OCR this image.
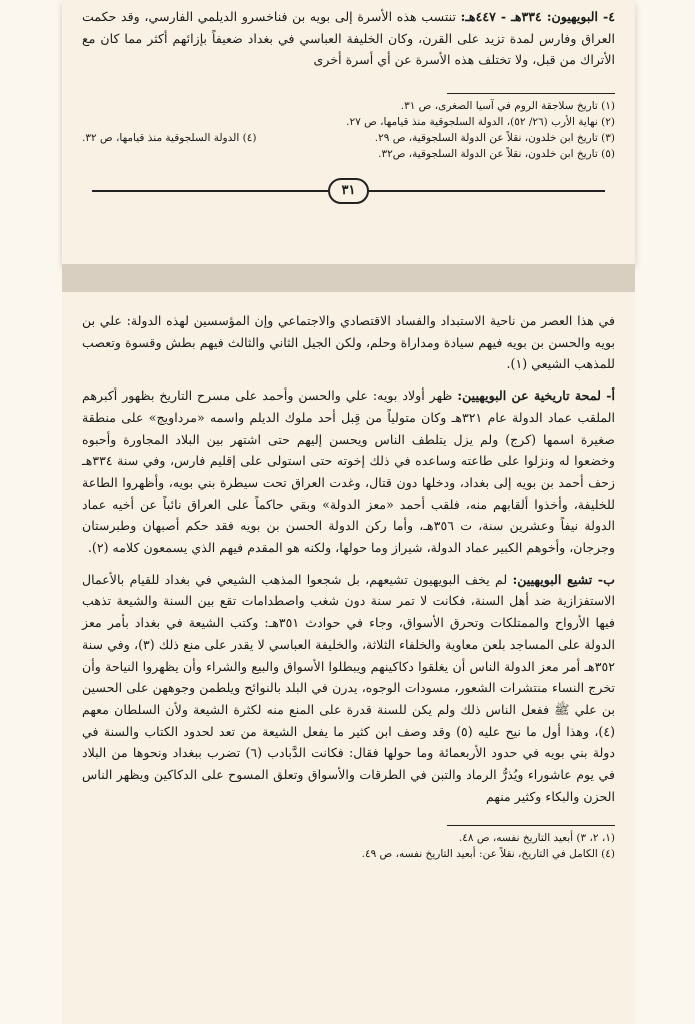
٤- البويهيون: ٣٣٤هـ - ٤٤٧هـ: تنتسب هذه الأسرة إلى بويه بن فناخسرو الديلمي الفارسي، وقد حكمت العراق وفارس لمدة تزيد على القرن، وكان الخليفة العباسي في بغداد ضعيفاً بإزائهم أكثر مما كان مع الأتراك من قبل، ولا تختلف هذه الأسرة عن أي أسرة أخرى

(١) تاريخ سلاجقة الروم في آسيا الصغرى، ص ٣١.

(٢) نهاية الأرب (٢٦/ ٥٢)، الدولة السلجوقية منذ قيامها، ص ٢٧.

(٣) تاريخ ابن خلدون، نقلاً عن الدولة السلجوقية، ص ٢٩.
(٤) الدولة السلجوقية منذ قيامها، ص ٣٢.

(٥) تاريخ ابن خلدون، نقلاً عن الدولة السلجوقية، ص٣٢.

٣١

في هذا العصر من ناحية الاستبداد والفساد الاقتصادي والاجتماعي وإن المؤسسين لهذه الدولة: علي بن بويه والحسن بن بويه فيهم سيادة ومداراة وحلم، ولكن الجيل الثاني والثالث فيهم بطش وقسوة وتعصب للمذهب الشيعي (١).

أ- لمحة تاريخية عن البويهيين: ظهر أولاد بويه: علي والحسن وأحمد على مسرح التاريخ بظهور أكبرهم الملقب عماد الدولة عام ٣٢١هـ وكان متولياً من قِبل أحد ملوك الديلم واسمه «مرداويج» على منطقة صغيرة اسمها (كرج) ولم يزل يتلطف الناس ويحسن إليهم حتى اشتهر بين البلاد المجاورة وأحبوه وخضعوا له ونزلوا على طاعته وساعده في ذلك إخوته حتى استولى على إقليم فارس، وفي سنة ٣٣٤هـ زحف أحمد بن بويه إلى بغداد، ودخلها دون قتال، وغدت العراق تحت سيطرة بني بويه، وأظهروا الطاعة للخليفة، وأخذوا ألقابهم منه، فلقب أحمد «معز الدولة» وبقي حاكماً على العراق نائباً عن أخيه عماد الدولة نيفاً وعشرين سنة، ت ٣٥٦هـ، وأما ركن الدولة الحسن بن بويه فقد حكم أصبهان وطبرستان وجرجان، وأخوهم الكبير عماد الدولة، شيراز وما حولها، ولكنه هو المقدم فيهم الذي يسمعون كلامه (٢).

ب- تشيع البويهيين: لم يخف البويهيون تشيعهم، بل شجعوا المذهب الشيعي في بغداد للقيام بالأعمال الاستفزازية ضد أهل السنة، فكانت لا تمر سنة دون شغب واصطدامات تقع بين السنة والشيعة تذهب فيها الأرواح والممتلكات وتحرق الأسواق، وجاء في حوادث ٣٥١هـ: وكتب الشيعة في بغداد بأمر معز الدولة على المساجد بلعن معاوية والخلفاء الثلاثة، والخليفة العباسي لا يقدر على منع ذلك (٣)، وفي سنة ٣٥٢هـ أمر معز الدولة الناس أن يغلقوا دكاكينهم ويبطلوا الأسواق والبيع والشراء وأن يظهروا النياحة وأن تخرج النساء منتشرات الشعور، مسودات الوجوه، يدرن في البلد بالنوائح ويلطمن وجوههن على الحسين بن علي ﷺ ففعل الناس ذلك ولم يكن للسنة قدرة على المنع منه لكثرة الشيعة ولأن السلطان معهم (٤)، وهذا أول ما نيح عليه (٥) وقد وصف ابن كثير ما يفعل الشيعة من تعد لحدود الكتاب والسنة في دولة بني بويه في حدود الأربعمائة وما حولها فقال: فكانت الدَّبادب (٦) تضرب ببغداد ونحوها من البلاد في يوم عاشوراء ويُذرُّ الرماد والتبن في الطرقات والأسواق وتعلق المسوح على الدكاكين ويظهر الناس الحزن والبكاء وكثير منهم

(١، ٢، ٣) أبعيد التاريخ نفسه، ص ٤٨.

(٤) الكامل في التاريخ، نقلاً عن: أبعيد التاريخ نفسه، ص ٤٩.
